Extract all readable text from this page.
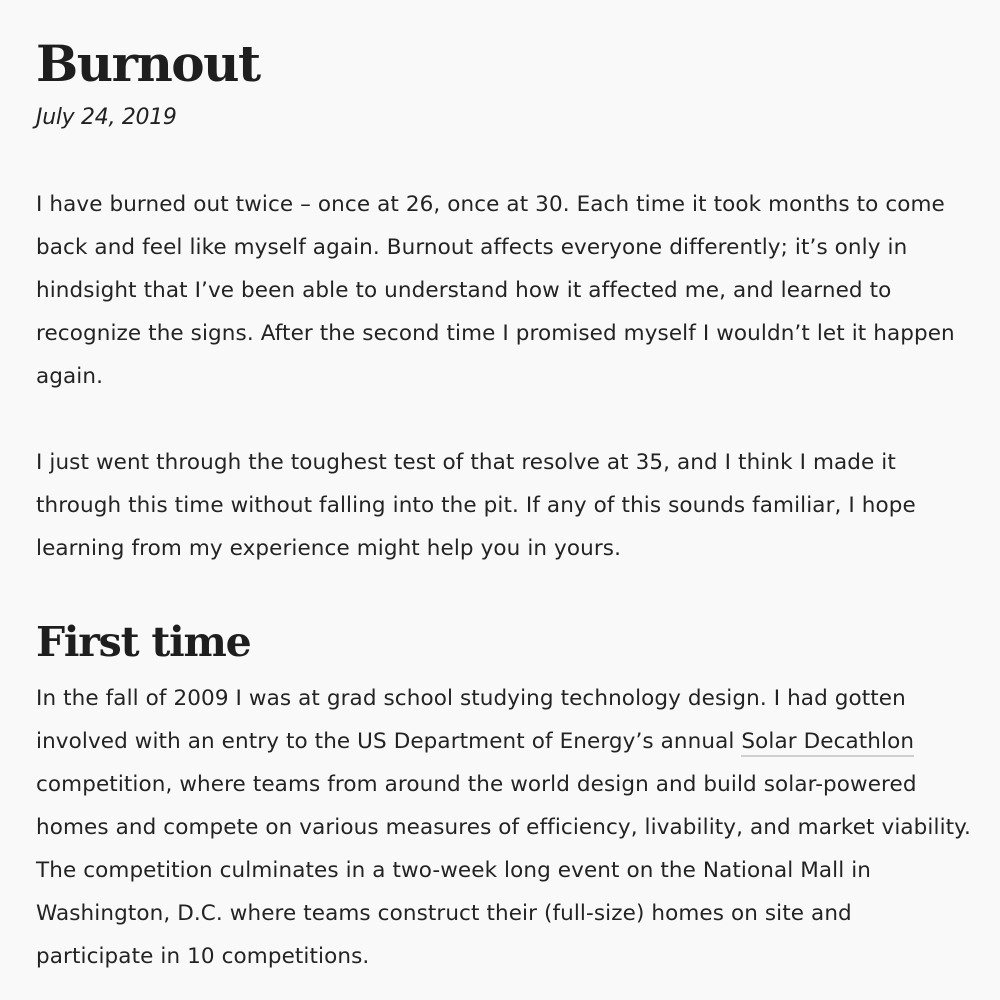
Burnout
July 24, 2019

I have burned out twice – once at 26, once at 30. Each time it took months to come back and feel like myself again. Burnout affects everyone differently; it’s only in hindsight that I’ve been able to understand how it affected me, and learned to recognize the signs. After the second time I promised myself I wouldn’t let it happen again.

I just went through the toughest test of that resolve at 35, and I think I made it through this time without falling into the pit. If any of this sounds familiar, I hope learning from my experience might help you in yours.

First time

In the fall of 2009 I was at grad school studying technology design. I had gotten involved with an entry to the US Department of Energy’s annual Solar Decathlon competition, where teams from around the world design and build solar-powered homes and compete on various measures of efficiency, livability, and market viability. The competition culminates in a two-week long event on the National Mall in Washington, D.C. where teams construct their (full-size) homes on site and participate in 10 competitions.
